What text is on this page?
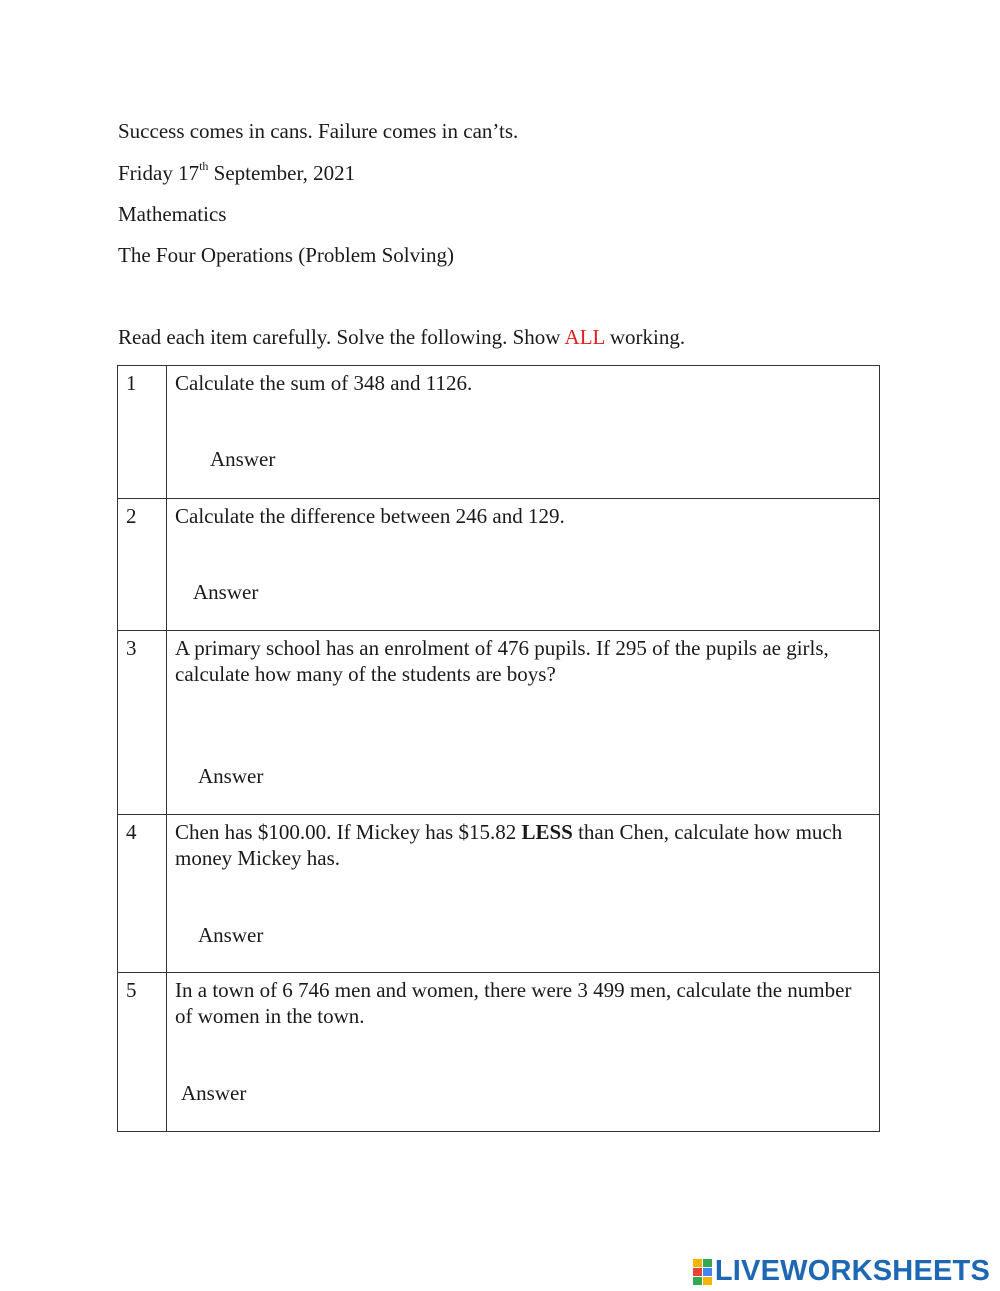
Success comes in cans. Failure comes in can’ts.
Friday 17th September, 2021
Mathematics
The Four Operations (Problem Solving)
Read each item carefully. Solve the following. Show ALL working.
1	Calculate the sum of 348 and 1126.
Answer

2	Calculate the difference between 246 and 129.
Answer

3	A primary school has an enrolment of 476 pupils. If 295 of the pupils ae girls, calculate how many of the students are boys?
Answer

4	Chen has $100.00. If Mickey has $15.82 LESS than Chen, calculate how much money Mickey has.
Answer

5	In a town of 6 746 men and women, there were 3 499 men, calculate the number of women in the town.
Answer
LIVEWORKSHEETS
